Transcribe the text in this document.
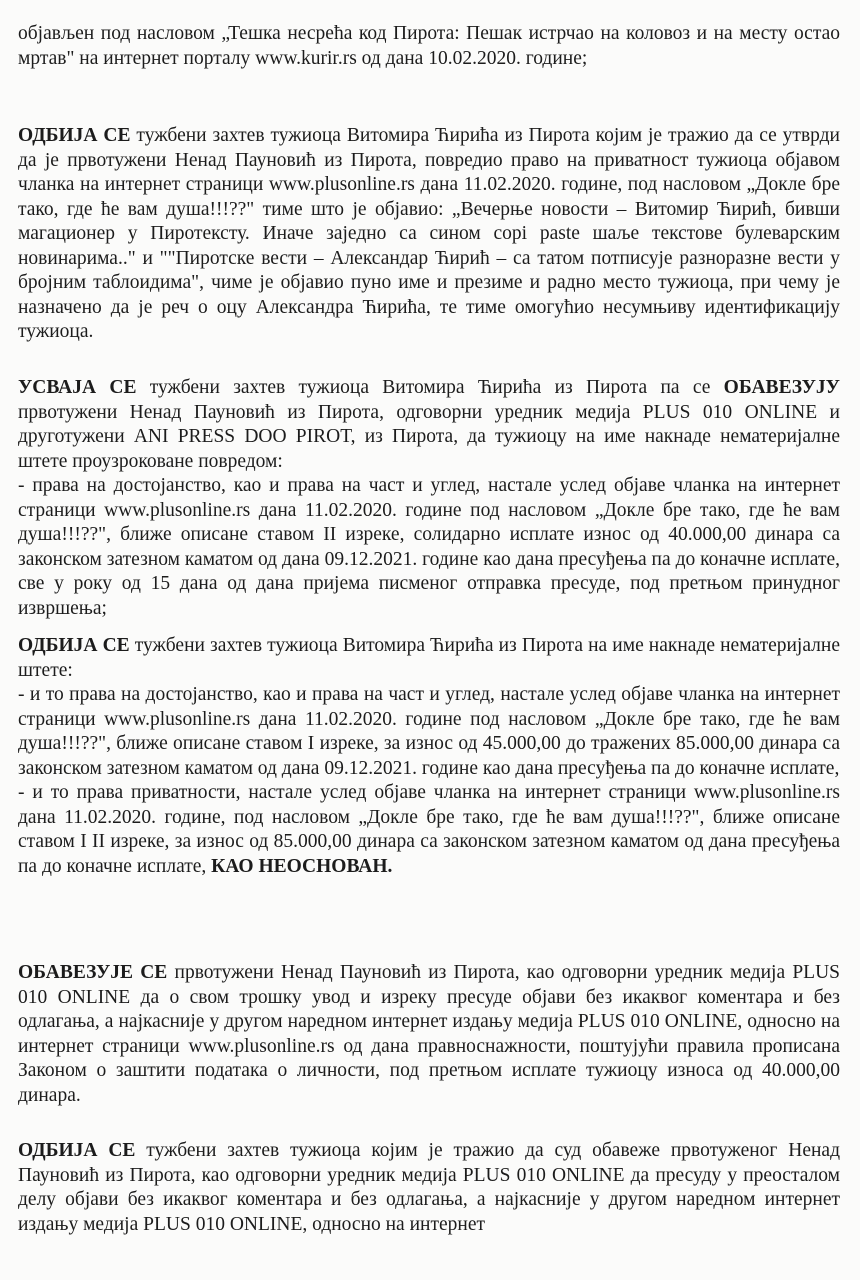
објављен под насловом „Тешка несрећа код Пирота: Пешак истрчао на коловоз и на месту остао мртав" на интернет порталу www.kurir.rs од дана 10.02.2020. године;

ОДБИЈА СЕ тужбени захтев тужиоца Витомира Ћирића из Пирота којим је тражио да се утврди да је првотужени Ненад Пауновић из Пирота, повредио право на приватност тужиоца објавом чланка на интернет страници www.plusonline.rs дана 11.02.2020. године, под насловом „Докле бре тако, где ће вам душа!!!??" тиме што је објавио: „Вечерње новости – Витомир Ћирић, бивши магационер у Пиротексту. Иначе заједно са сином copi paste шаље текстове булеварским новинарима.." и ""Пиротске вести – Александар Ћирић – са татом потписује разноразне вести у бројним таблоидима", чиме је објавио пуно име и презиме и радно место тужиоца, при чему је назначено да је реч о оцу Александра Ћирића, те тиме омогућио несумњиву идентификацију тужиоца.

УСВАЈА СЕ тужбени захтев тужиоца Витомира Ћирића из Пирота па се ОБАВЕЗУЈУ првотужени Ненад Пауновић из Пирота, одговорни уредник медија PLUS 010 ONLINE и друготужени ANI PRESS DOO PIROT, из Пирота, да тужиоцу на име накнаде нематеријалне штете проузроковане повредом:
- права на достојанство, као и права на част и углед, настале услед објаве чланка на интернет страници www.plusonline.rs дана 11.02.2020. године под насловом „Докле бре тако, где ће вам душа!!!??", ближе описане ставом II изреке, солидарно исплате износ од 40.000,00 динара са законском затезном каматом од дана 09.12.2021. године као дана пресуђења па до коначне исплате, све у року од 15 дана од дана пријема писменог отправка пресуде, под претњом принудног извршења;

ОДБИЈА СЕ тужбени захтев тужиоца Витомира Ћирића из Пирота на име накнаде нематеријалне штете:
- и то права на достојанство, као и права на част и углед, настале услед објаве чланка на интернет страници www.plusonline.rs дана 11.02.2020. године под насловом „Докле бре тако, где ће вам душа!!!??", ближе описане ставом I изреке, за износ од 45.000,00 до тражених 85.000,00 динара са законском затезном каматом од дана 09.12.2021. године као дана пресуђења па до коначне исплате,
- и то права приватности, настале услед објаве чланка на интернет страници www.plusonline.rs дана 11.02.2020. године, под насловом „Докле бре тако, где ће вам душа!!!??", ближе описане ставом I II изреке, за износ од 85.000,00 динара са законском затезном каматом од дана пресуђења па до коначне исплате, КАО НЕОСНОВАН.

ОБАВЕЗУЈЕ СЕ првотужени Ненад Пауновић из Пирота, као одговорни уредник медија PLUS 010 ONLINE да о свом трошку увод и изреку пресуде објави без икаквог коментара и без одлагања, а најкасније у другом наредном интернет издању медија PLUS 010 ONLINE, односно на интернет страници www.plusonline.rs од дана правноснажности, поштујући правила прописана Законом о заштити података о личности, под претњом исплате тужиоцу износа од 40.000,00 динара.

ОДБИЈА СЕ тужбени захтев тужиоца којим је тражио да суд обавеже првотуженог Ненад Пауновић из Пирота, као одговорни уредник медија PLUS 010 ONLINE да пресуду у преосталом делу објави без икаквог коментара и без одлагања, а најкасније у другом наредном интернет издању медија PLUS 010 ONLINE, односно на интернет
